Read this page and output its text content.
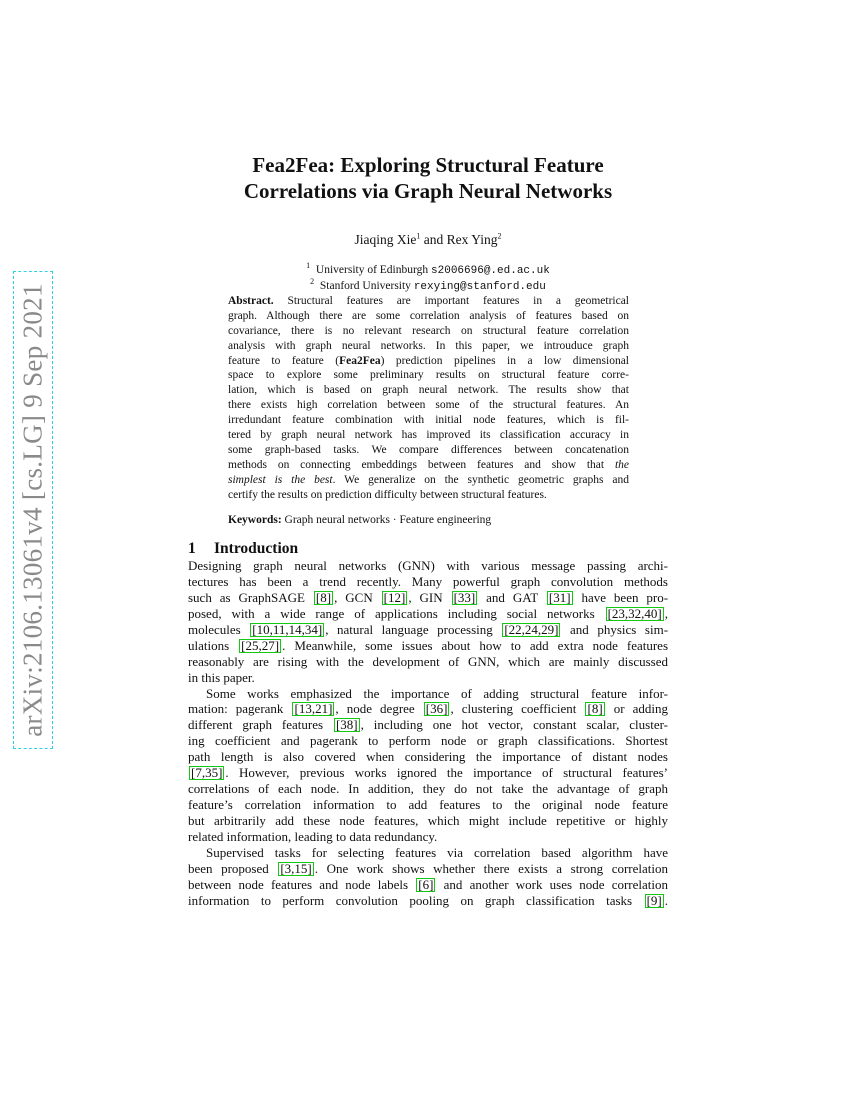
arXiv:2106.13061v4 [cs.LG] 9 Sep 2021
Fea2Fea: Exploring Structural Feature
Correlations via Graph Neural Networks
Jiaqing Xie$^1$ and Rex Ying$^2$
$^1$ University of Edinburgh s2006696@.ed.ac.uk
$^2$ Stanford University rexying@stanford.edu
Abstract. Structural features are important features in a geometrical
graph. Although there are some correlation analysis of features based on
covariance, there is no relevant research on structural feature correlation
analysis with graph neural networks. In this paper, we introuduce graph
feature to feature (Fea2Fea) prediction pipelines in a low dimensional
space to explore some preliminary results on structural feature corre-
lation, which is based on graph neural network. The results show that
there exists high correlation between some of the structural features. An
irredundant feature combination with initial node features, which is fil-
tered by graph neural network has improved its classification accuracy in
some graph-based tasks. We compare differences between concatenation
methods on connecting embeddings between features and show that the
simplest is the best. We generalize on the synthetic geometric graphs and
certify the results on prediction difficulty between structural features.
Keywords: Graph neural networks · Feature engineering
1 Introduction
Designing graph neural networks (GNN) with various message passing archi-
tectures has been a trend recently. Many powerful graph convolution methods
such as GraphSAGE [8] , GCN [12] , GIN [33] and GAT [31] have been pro-
posed, with a wide range of applications including social networks [23,32,40] ,
molecules [10,11,14,34] , natural language processing [22,24,29] and physics sim-
ulations [25,27] . Meanwhile, some issues about how to add extra node features
reasonably are rising with the development of GNN, which are mainly discussed
in this paper.
Some works emphasized the importance of adding structural feature infor-
mation: pagerank [13,21] , node degree [36] , clustering coefficient [8] or adding
different graph features [38] , including one hot vector, constant scalar, cluster-
ing coefficient and pagerank to perform node or graph classifications. Shortest
path length is also covered when considering the importance of distant nodes
[7,35] . However, previous works ignored the importance of structural features’
correlations of each node. In addition, they do not take the advantage of graph
feature’s correlation information to add features to the original node feature
but arbitrarily add these node features, which might include repetitive or highly
related information, leading to data redundancy.
Supervised tasks for selecting features via correlation based algorithm have
been proposed [3,15] . One work shows whether there exists a strong correlation
between node features and node labels [6] and another work uses node correlation
information to perform convolution pooling on graph classification tasks [9] .
